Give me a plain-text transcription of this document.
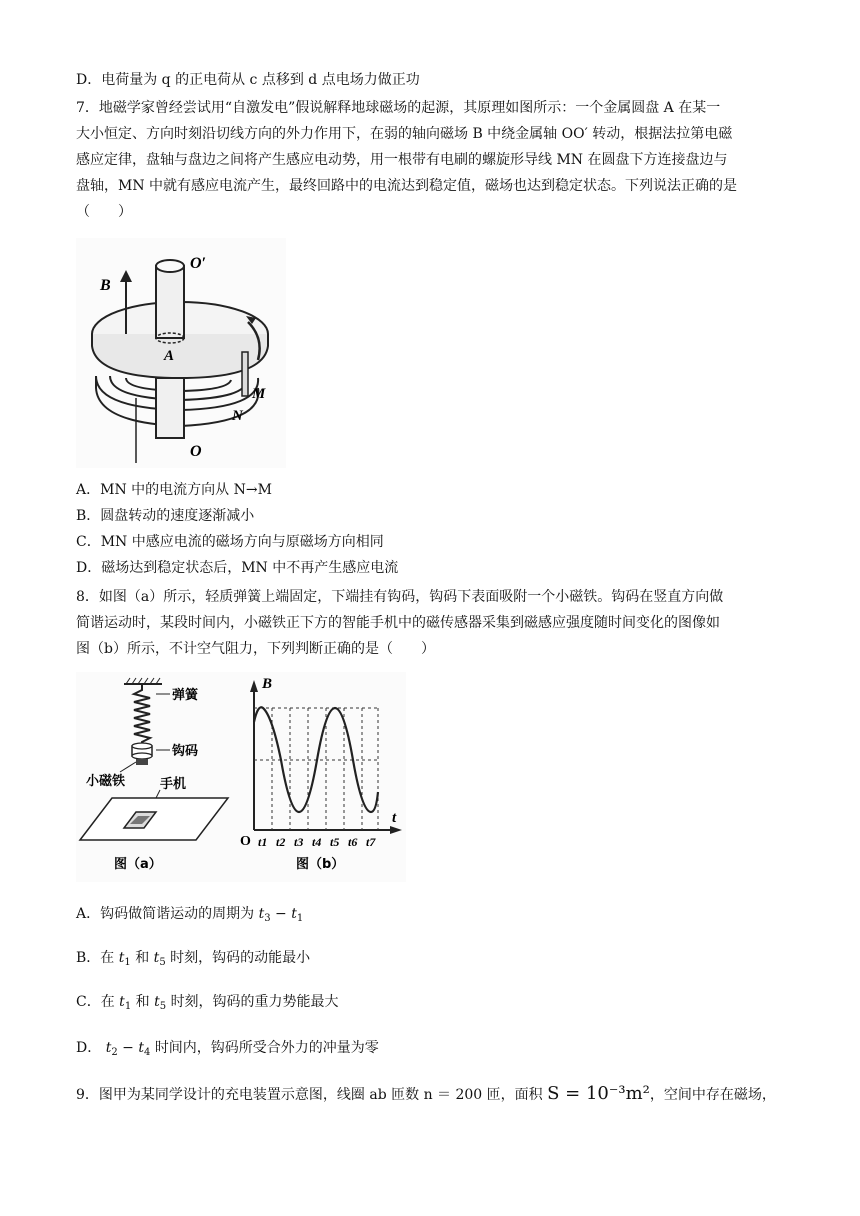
D．电荷量为 q 的正电荷从 c 点移到 d 点电场力做正功
7．地磁学家曾经尝试用“自激发电”假说解释地球磁场的起源，其原理如图所示：一个金属圆盘 A 在某一
大小恒定、方向时刻沿切线方向的外力作用下，在弱的轴向磁场 B 中绕金属轴 OO′ 转动，根据法拉第电磁
感应定律，盘轴与盘边之间将产生感应电动势，用一根带有电刷的螺旋形导线 MN 在圆盘下方连接盘边与
盘轴，MN 中就有感应电流产生，最终回路中的电流达到稳定值，磁场也达到稳定状态。下列说法正确的是
（　　）
B
O′
A
M
N
O
A．MN 中的电流方向从 N→M
B．圆盘转动的速度逐渐减小
C．MN 中感应电流的磁场方向与原磁场方向相同
D．磁场达到稳定状态后，MN 中不再产生感应电流
8．如图（a）所示，轻质弹簧上端固定，下端挂有钩码，钩码下表面吸附一个小磁铁。钩码在竖直方向做
简谐运动时，某段时间内，小磁铁正下方的智能手机中的磁传感器采集到磁感应强度随时间变化的图像如
图（b）所示，不计空气阻力，下列判断正确的是（　　）
弹簧
钩码
小磁铁	手机
图（a）
B
t
O t1 t2 t3 t4 t5 t6 t7
图（b）
A．钩码做简谐运动的周期为 $t_3 - t_1$
B．在 $t_1$ 和 $t_5$ 时刻，钩码的动能最小
C．在 $t_1$ 和 $t_5$ 时刻，钩码的重力势能最大
D． $t_2 - t_4$ 时间内，钩码所受合外力的冲量为零
9．图甲为某同学设计的充电装置示意图，线圈 ab 匝数 n ＝ 200 匝，面积 S = 10⁻³m²，空间中存在磁场，
